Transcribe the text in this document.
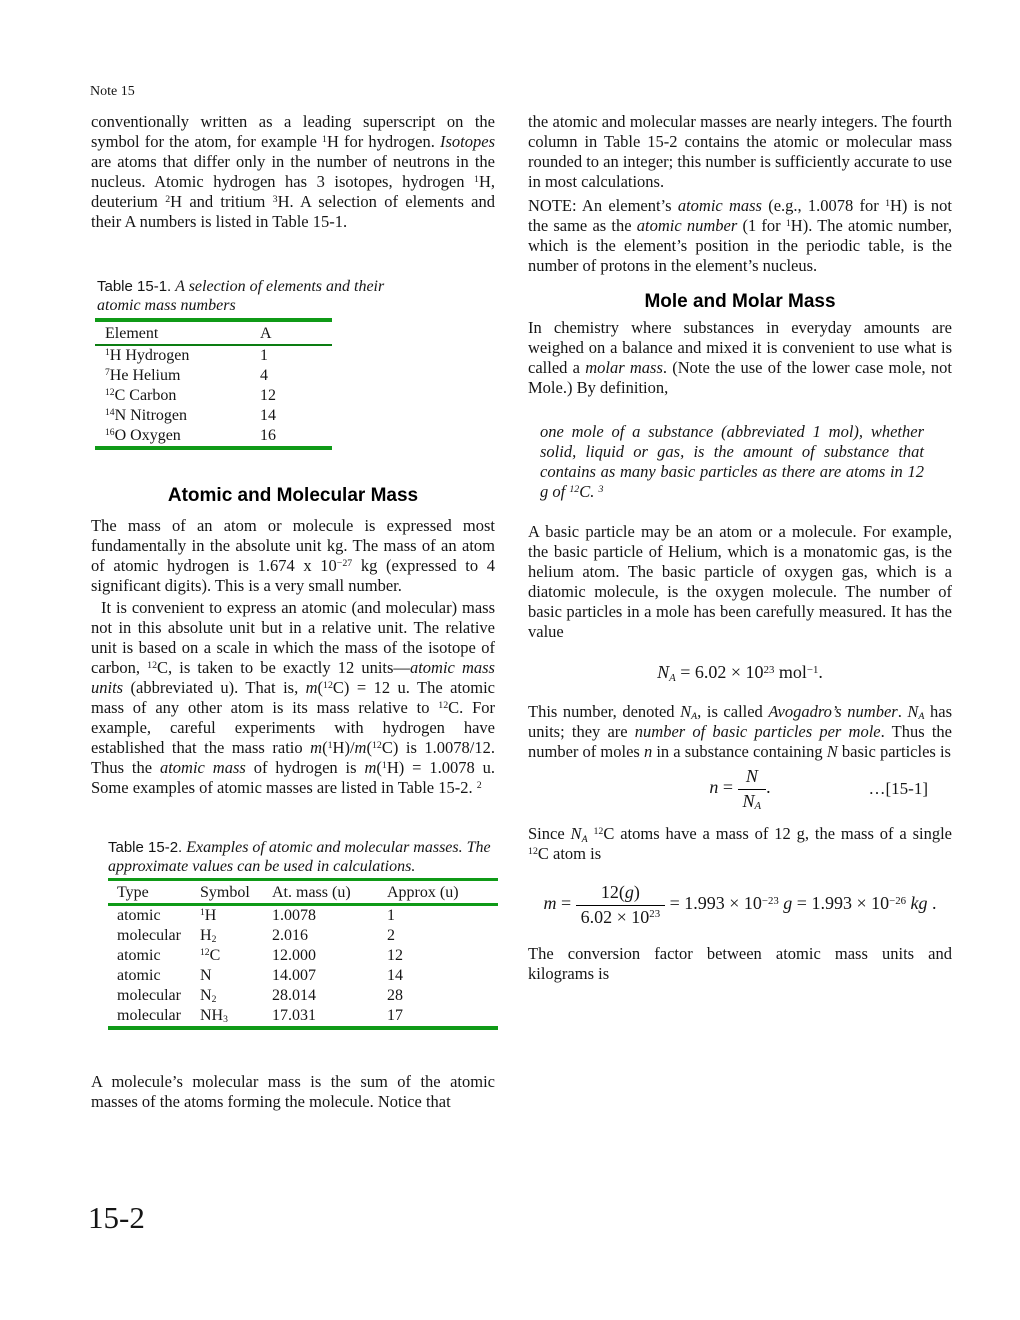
Note 15

conventionally written as a leading superscript on the symbol for the atom, for example $^1$H for hydrogen. Isotopes are atoms that differ only in the number of neutrons in the nucleus. Atomic hydrogen has 3 isotopes, hydrogen $^1$H, deuterium $^2$H and tritium $^3$H. A selection of elements and their A numbers is listed in Table 15-1.

Table 15-1. A selection of elements and their atomic mass numbers

Element	A
$^1$H Hydrogen	1
$^7$He Helium	4
$^{12}$C Carbon	12
$^{14}$N Nitrogen	14
$^{16}$O Oxygen	16
Atomic and Molecular Mass

The mass of an atom or molecule is expressed most fundamentally in the absolute unit kg. The mass of an atom of atomic hydrogen is 1.674 x $10^{-27}$ kg (expressed to 4 significant digits). This is a very small number.

It is convenient to express an atomic (and molecular) mass not in this absolute unit but in a relative unit. The relative unit is based on a scale in which the mass of the isotope of carbon, $^{12}$C, is taken to be exactly 12 units—atomic mass units (abbreviated u). That is, m($^{12}$C) = 12 u. The atomic mass of any other atom is its mass relative to $^{12}$C. For example, careful experiments with hydrogen have established that the mass ratio m($^1$H)/m($^{12}$C) is 1.0078/12. Thus the atomic mass of hydrogen is m($^1$H) = 1.0078 u. Some examples of atomic masses are listed in Table 15-2. $^2$

Table 15-2. Examples of atomic and molecular masses. The approximate values can be used in calculations.

Type	Symbol	At. mass (u)	Approx (u)
atomic	$^1$H	1.0078	1
molecular	$H_2$	2.016	2
atomic	$^{12}$C	12.000	12
atomic	N	14.007	14
molecular	$N_2$	28.014	28
molecular	$NH_3$	17.031	17

A molecule’s molecular mass is the sum of the atomic masses of the atoms forming the molecule. Notice that

the atomic and molecular masses are nearly integers. The fourth column in Table 15-2 contains the atomic or molecular mass rounded to an integer; this number is sufficiently accurate to use in most calculations.

NOTE: An element’s atomic mass (e.g., 1.0078 for $^1$H) is not the same as the atomic number (1 for $^1$H). The atomic number, which is the element’s position in the periodic table, is the number of protons in the element’s nucleus.

Mole and Molar Mass

In chemistry where substances in everyday amounts are weighed on a balance and mixed it is convenient to use what is called a molar mass. (Note the use of the lower case mole, not Mole.) By definition,

one mole of a substance (abbreviated 1 mol), whether solid, liquid or gas, is the amount of substance that contains as many basic particles as there are atoms in 12 g of $^{12}$C. $^3$

A basic particle may be an atom or a molecule. For example, the basic particle of Helium, which is a monatomic gas, is the helium atom. The basic particle of oxygen gas, which is a diatomic molecule, is the oxygen molecule. The number of basic particles in a mole has been carefully measured. It has the value

$N_A = 6.02 \times 10^{23}$ mol$^{-1}$.

This number, denoted $N_A$, is called Avogadro’s number. $N_A$ has units; they are number of basic particles per mole. Thus the number of moles n in a substance containing N basic particles is

$n = \frac{N}{N_A}$ .	…[15-1]

Since $N_A$ $^{12}$C atoms have a mass of 12 g, the mass of a single $^{12}$C atom is

$m = \frac{12(g)}{6.02 \times 10^{23}} = 1.993 \times 10^{-23}$ $g = 1.993 \times 10^{-26}$ kg .

The conversion factor between atomic mass units and kilograms is

15-2
